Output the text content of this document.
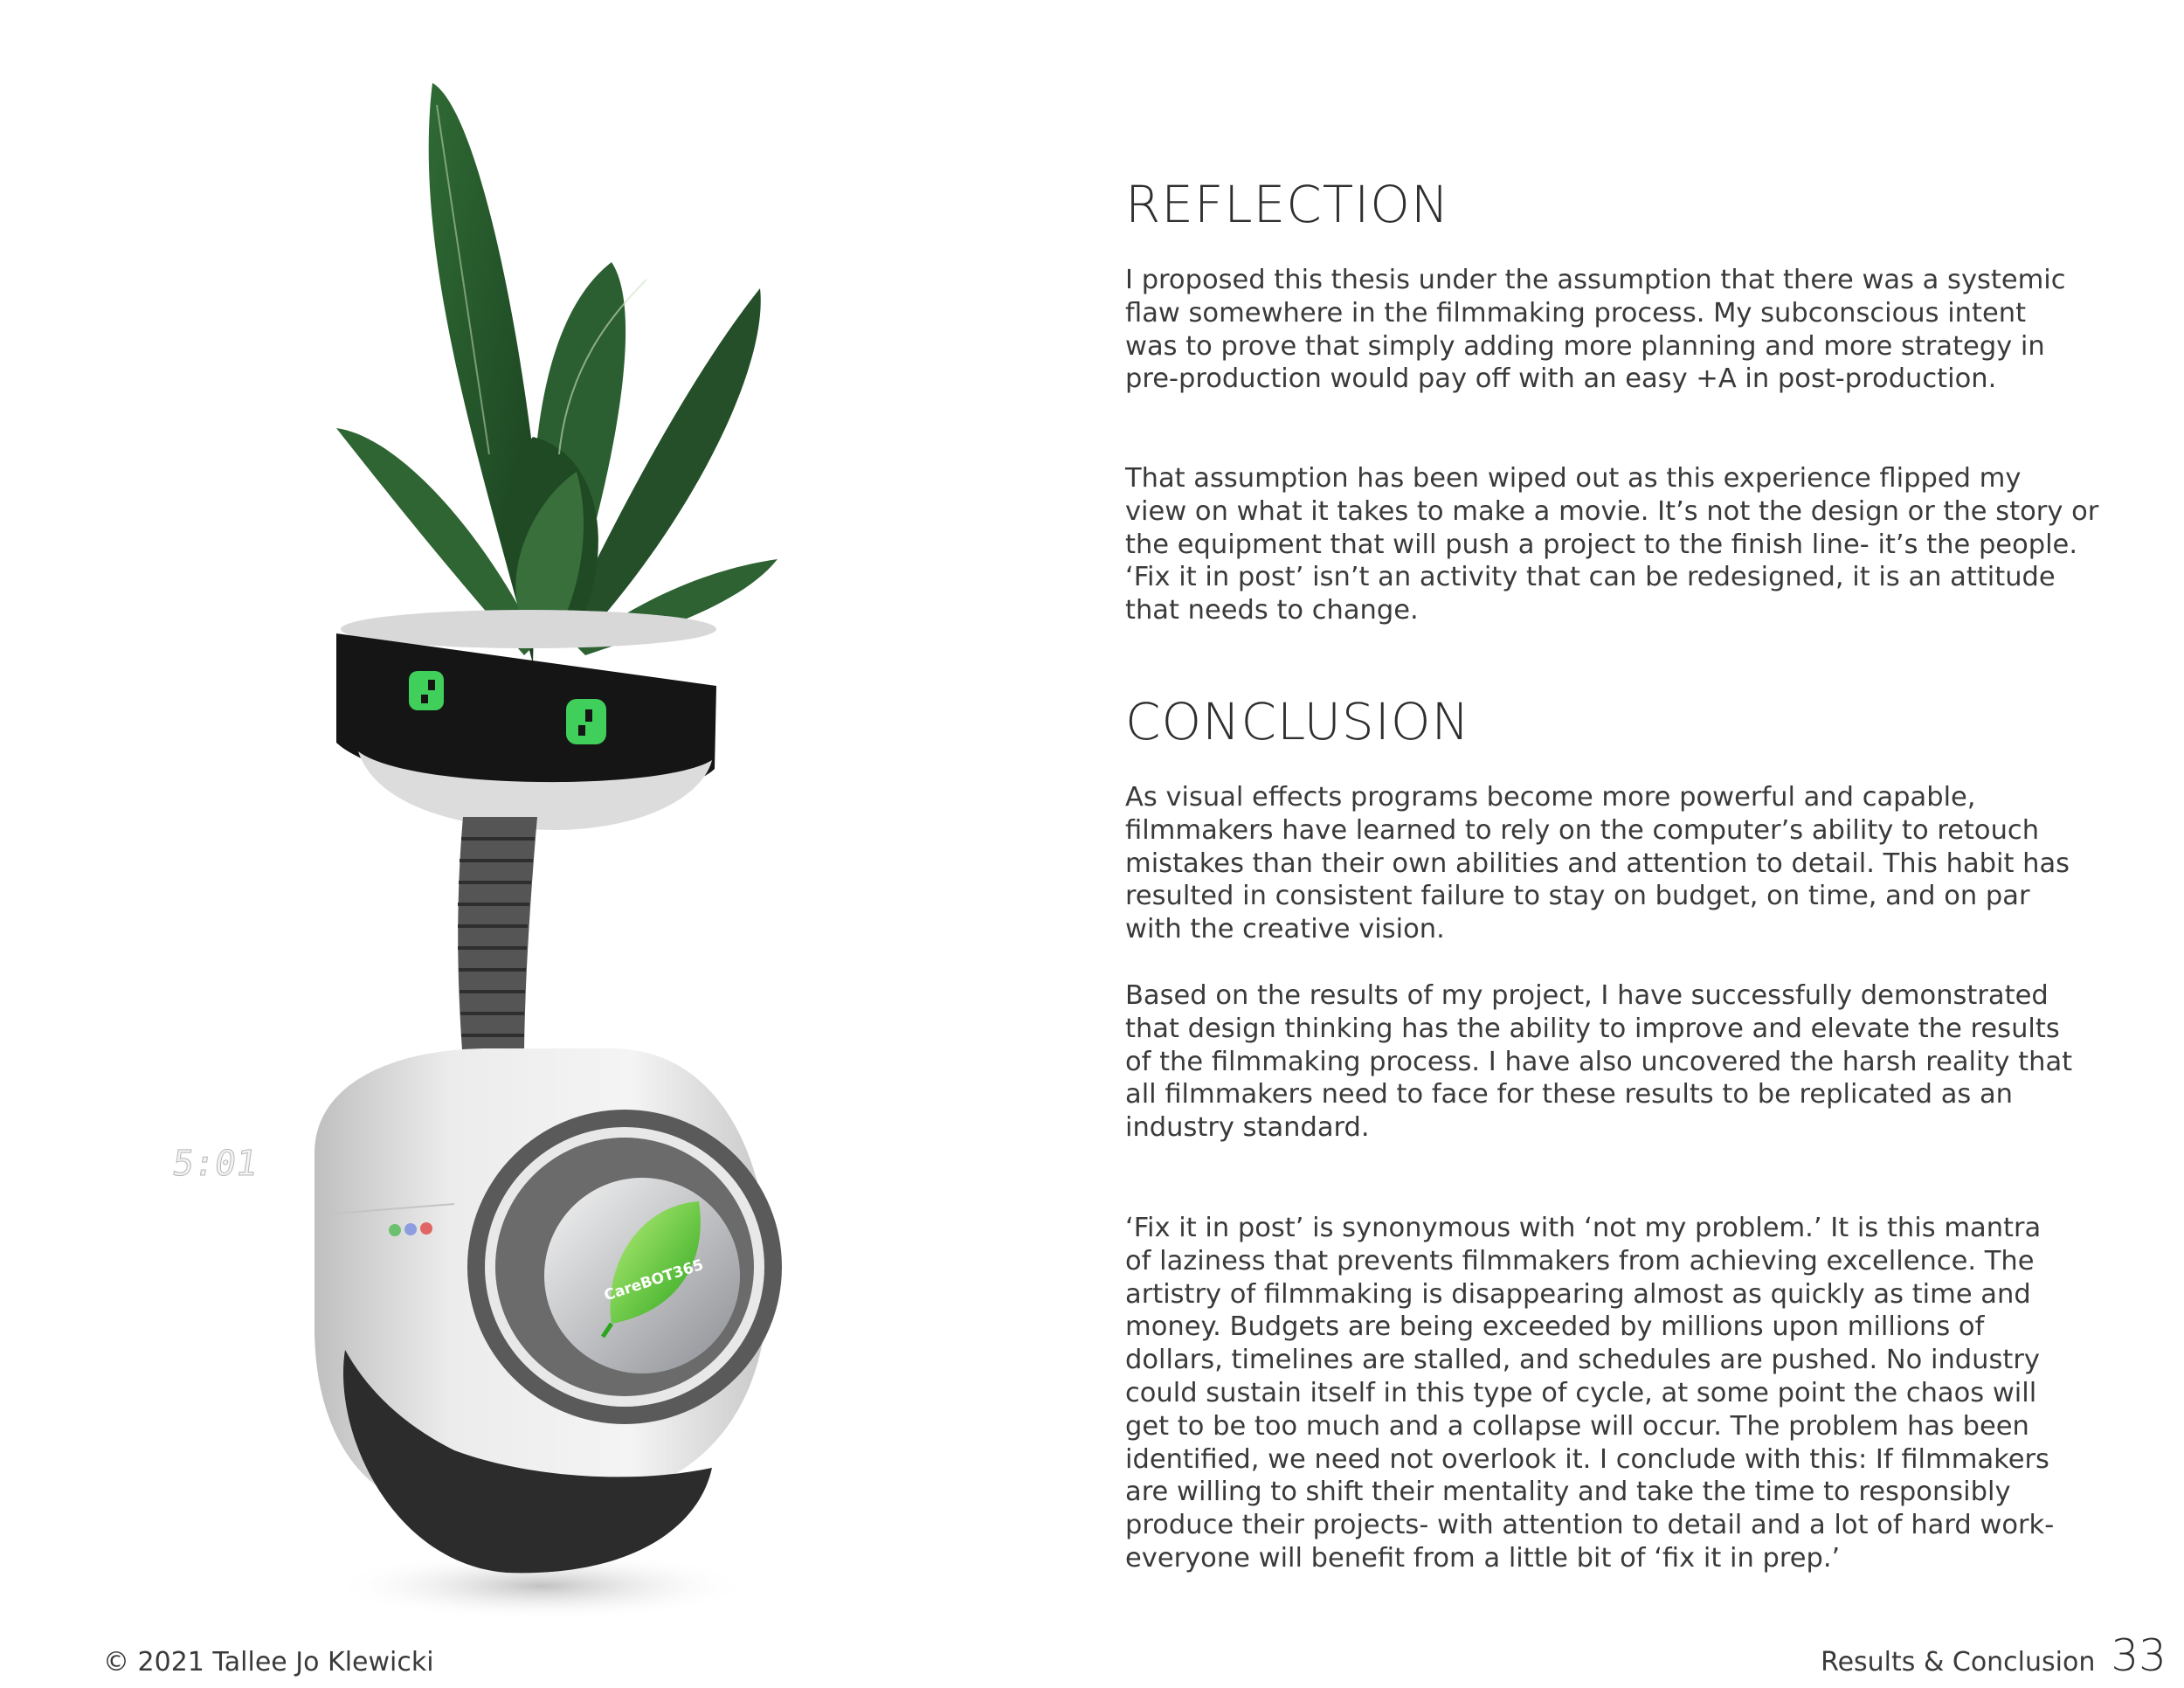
CareBOT365
5:01
REFLECTION

I proposed this thesis under the assumption that there was a systemic
flaw somewhere in the filmmaking process. My subconscious intent
was to prove that simply adding more planning and more strategy in
pre-production would pay off with an easy +A in post-production.

That assumption has been wiped out as this experience flipped my
view on what it takes to make a movie. It’s not the design or the story or
the equipment that will push a project to the finish line- it’s the people.
‘Fix it in post’ isn’t an activity that can be redesigned, it is an attitude
that needs to change.

CONCLUSION

As visual effects programs become more powerful and capable,
filmmakers have learned to rely on the computer’s ability to retouch
mistakes than their own abilities and attention to detail. This habit has
resulted in consistent failure to stay on budget, on time, and on par
with the creative vision.

Based on the results of my project, I have successfully demonstrated
that design thinking has the ability to improve and elevate the results
of the filmmaking process. I have also uncovered the harsh reality that
all filmmakers need to face for these results to be replicated as an
industry standard.

‘Fix it in post’ is synonymous with ‘not my problem.’ It is this mantra
of laziness that prevents filmmakers from achieving excellence. The
artistry of filmmaking is disappearing almost as quickly as time and
money. Budgets are being exceeded by millions upon millions of
dollars, timelines are stalled, and schedules are pushed. No industry
could sustain itself in this type of cycle, at some point the chaos will
get to be too much and a collapse will occur. The problem has been
identified, we need not overlook it. I conclude with this: If filmmakers
are willing to shift their mentality and take the time to responsibly
produce their projects- with attention to detail and a lot of hard work-
everyone will benefit from a little bit of ‘fix it in prep.’

© 2021 Tallee Jo Klewicki	Results & Conclusion 33
